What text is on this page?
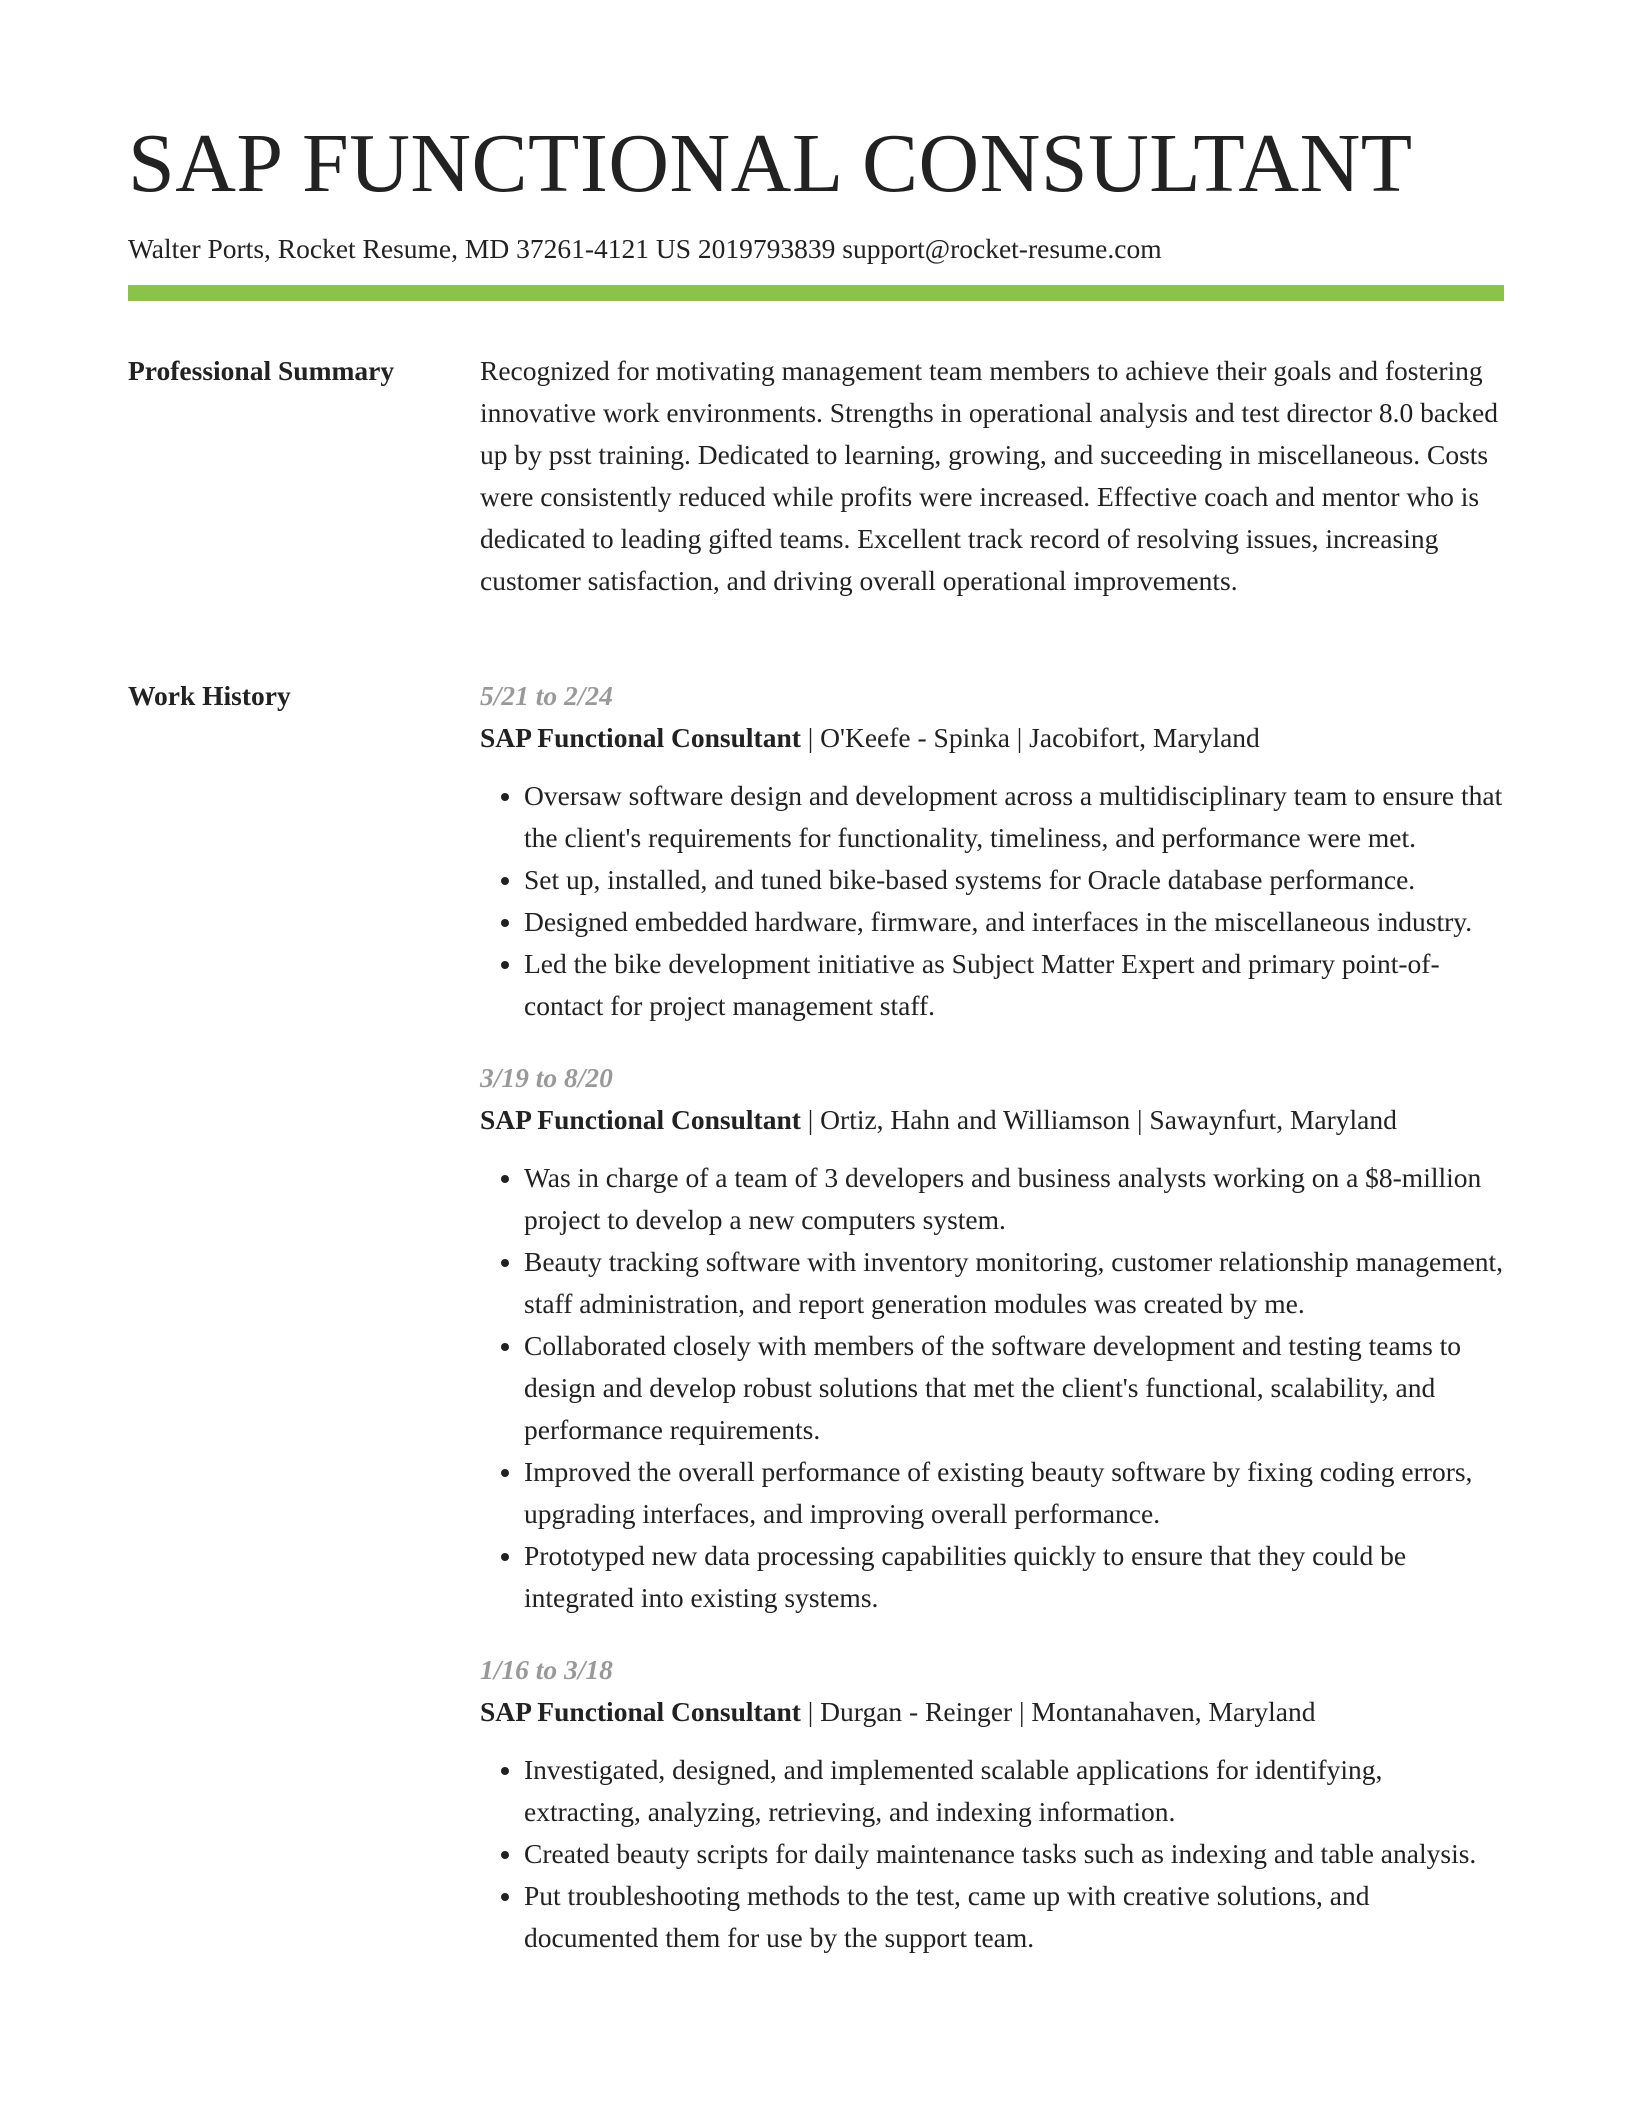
SAP FUNCTIONAL CONSULTANT
Walter Ports, Rocket Resume, MD 37261-4121 US 2019793839 support@rocket-resume.com
Professional Summary	Recognized for motivating management team members to achieve their goals and fostering innovative work environments. Strengths in operational analysis and test director 8.0 backed up by psst training. Dedicated to learning, growing, and succeeding in miscellaneous. Costs were consistently reduced while profits were increased. Effective coach and mentor who is dedicated to leading gifted teams. Excellent track record of resolving issues, increasing customer satisfaction, and driving overall operational improvements.

Work History	5/21 to 2/24
SAP Functional Consultant | O'Keefe - Spinka | Jacobifort, Maryland
• Oversaw software design and development across a multidisciplinary team to ensure that the client's requirements for functionality, timeliness, and performance were met.
• Set up, installed, and tuned bike-based systems for Oracle database performance.
• Designed embedded hardware, firmware, and interfaces in the miscellaneous industry.
• Led the bike development initiative as Subject Matter Expert and primary point-of-contact for project management staff.
3/19 to 8/20
SAP Functional Consultant | Ortiz, Hahn and Williamson | Sawaynfurt, Maryland
• Was in charge of a team of 3 developers and business analysts working on a $8-million project to develop a new computers system.
• Beauty tracking software with inventory monitoring, customer relationship management, staff administration, and report generation modules was created by me.
• Collaborated closely with members of the software development and testing teams to design and develop robust solutions that met the client's functional, scalability, and performance requirements.
• Improved the overall performance of existing beauty software by fixing coding errors, upgrading interfaces, and improving overall performance.
• Prototyped new data processing capabilities quickly to ensure that they could be integrated into existing systems.
1/16 to 3/18
SAP Functional Consultant | Durgan - Reinger | Montanahaven, Maryland
• Investigated, designed, and implemented scalable applications for identifying, extracting, analyzing, retrieving, and indexing information.
• Created beauty scripts for daily maintenance tasks such as indexing and table analysis.
• Put troubleshooting methods to the test, came up with creative solutions, and documented them for use by the support team.
